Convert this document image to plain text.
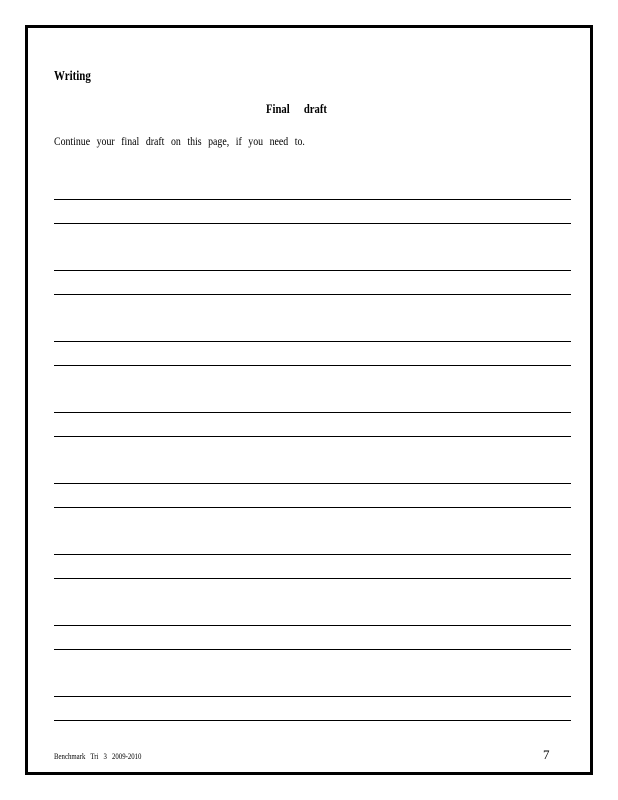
Writing
Final draft
Continue your final draft on this page, if you need to.
Benchmark Tri 3 2009-2010	7
